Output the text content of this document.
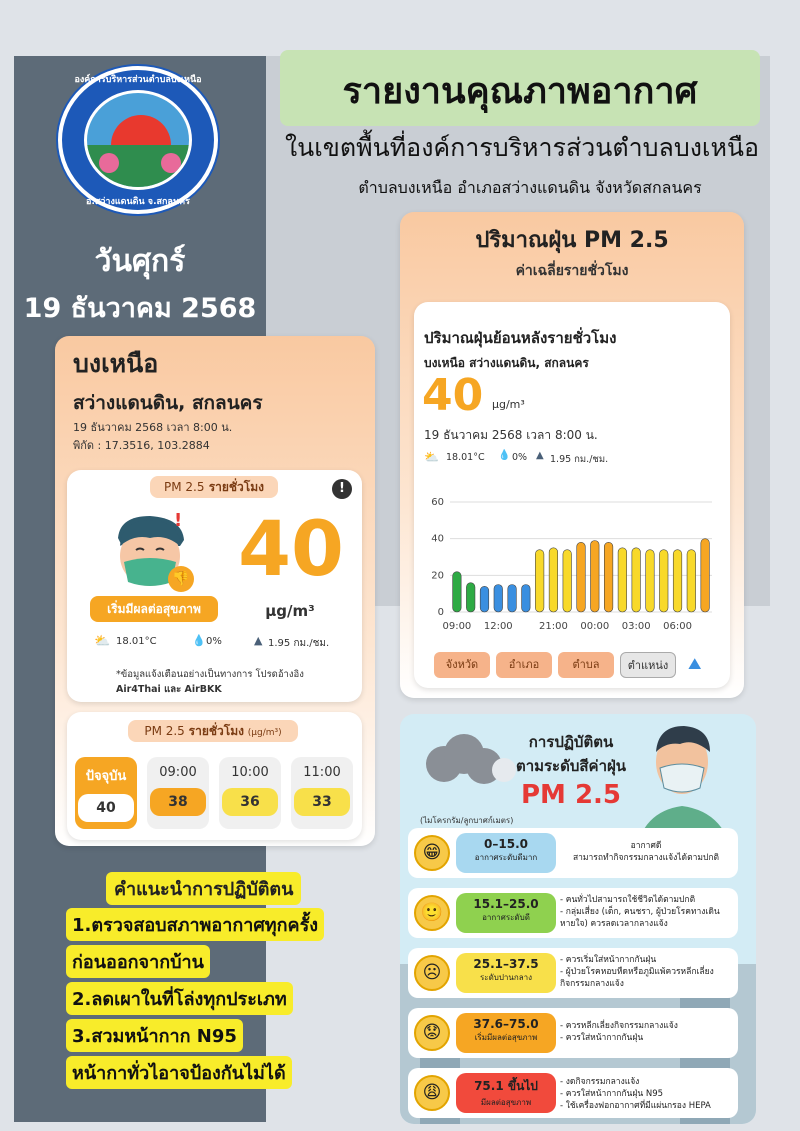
องค์การบริหารส่วนตำบลบงเหนือ
อ.สว่างแดนดิน จ.สกลนคร
วันศุกร์
19 ธันวาคม 2568
รายงานคุณภาพอากาศ
ในเขตพื้นที่องค์การบริหารส่วนตำบลบงเหนือ
ตำบลบงเหนือ อำเภอสว่างแดนดิน จังหวัดสกลนคร
บงเหนือ
สว่างแดนดิน, สกลนคร
19 ธันวาคม 2568 เวลา 8:00 น.
พิกัด : 17.3516, 103.2884
PM 2.5 รายชั่วโมง	!
!
👎
เริ่มมีผลต่อสุขภาพ
40
µg/m³
⛅ 18.01°C	💧 0%	▲ 1.95 กม./ชม.
*ข้อมูลแจ้งเตือนอย่างเป็นทางการ โปรดอ้างอิง
Air4Thai และ AirBKK
PM 2.5 รายชั่วโมง (µg/m³)
ปัจจุบัน
40
09:00
38
10:00
36
11:00
33
คำแนะนำการปฏิบัติตน
1.ตรวจสอบสภาพอากาศทุกครั้ง
ก่อนออกจากบ้าน
2.ลดเผาในที่โล่งทุกประเภท
3.สวมหน้ากาก N95
หน้ากาทั่วไอาจป้องกันไม่ได้
ปริมาณฝุ่น PM 2.5
ค่าเฉลี่ยรายชั่วโมง
ปริมาณฝุ่นย้อนหลังรายชั่วโมง
บงเหนือ สว่างแดนดิน, สกลนคร
40 µg/m³
19 ธันวาคม 2568 เวลา 8:00 น.
⛅ 18.01°C 💧 0% ▲ 1.95 กม./ชม.
0
20
40
60
09:00 12:00	21:00 00:00 03:00 06:00
จังหวัด	อำเภอ	ตำบล	ตำแหน่ง	⛰
การปฏิบัติตน
ตามระดับสีค่าฝุ่น
PM 2.5
(ไมโครกรัม/ลูกบาศก์เมตร)
😁	0–15.0
อากาศระดับดีมาก
อากาศดี
สามารถทำกิจกรรมกลางแจ้งได้ตามปกติ
🙂	15.1–25.0
อากาศระดับดี
- คนทั่วไปสามารถใช้ชีวิตได้ตามปกติ
- กลุ่มเสี่ยง (เด็ก, คนชรา, ผู้ป่วยโรคทางเดินหายใจ) ควรลดเวลากลางแจ้ง
☹	25.1–37.5
ระดับปานกลาง
- ควรเริ่มใส่หน้ากากกันฝุ่น
- ผู้ป่วยโรคหอบหืดหรือภูมิแพ้ควรหลีกเลี่ยงกิจกรรมกลางแจ้ง
😟	37.6–75.0
เริ่มมีผลต่อสุขภาพ
- ควรหลีกเลี่ยงกิจกรรมกลางแจ้ง
- ควรใส่หน้ากากกันฝุ่น
😩	75.1 ขึ้นไป
มีผลต่อสุขภาพ
- งดกิจกรรมกลางแจ้ง
- ควรใส่หน้ากากกันฝุ่น N95
- ใช้เครื่องฟอกอากาศที่มีแผ่นกรอง HEPA
